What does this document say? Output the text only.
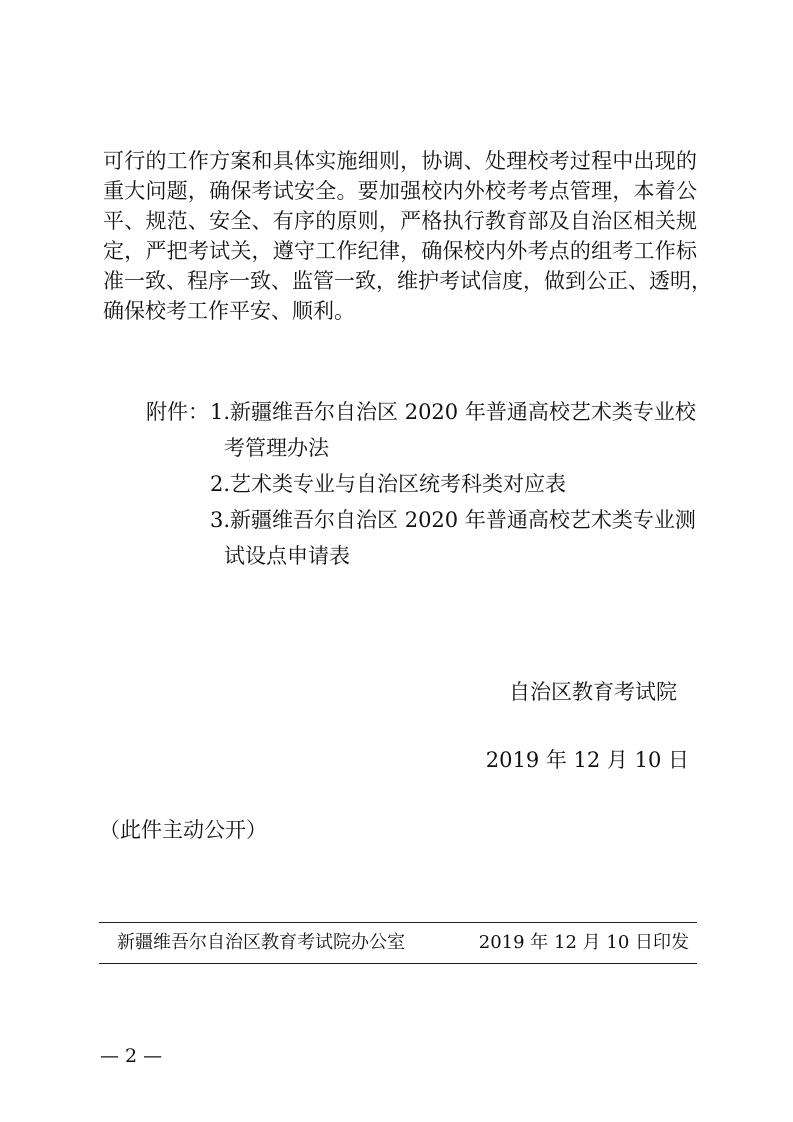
可行的工作方案和具体实施细则，协调、处理校考过程中出现的
重大问题，确保考试安全。要加强校内外校考考点管理，本着公
平、规范、安全、有序的原则，严格执行教育部及自治区相关规
定，严把考试关，遵守工作纪律，确保校内外考点的组考工作标
准一致、程序一致、监管一致，维护考试信度，做到公正、透明，
确保校考工作平安、顺利。
附件：1.新疆维吾尔自治区 2020 年普通高校艺术类专业校
考管理办法
2.艺术类专业与自治区统考科类对应表
3.新疆维吾尔自治区 2020 年普通高校艺术类专业测
试设点申请表
自治区教育考试院
2019 年 12 月 10 日
（此件主动公开）
新疆维吾尔自治区教育考试院办公室	2019 年 12 月 10 日印发
— 2 —
